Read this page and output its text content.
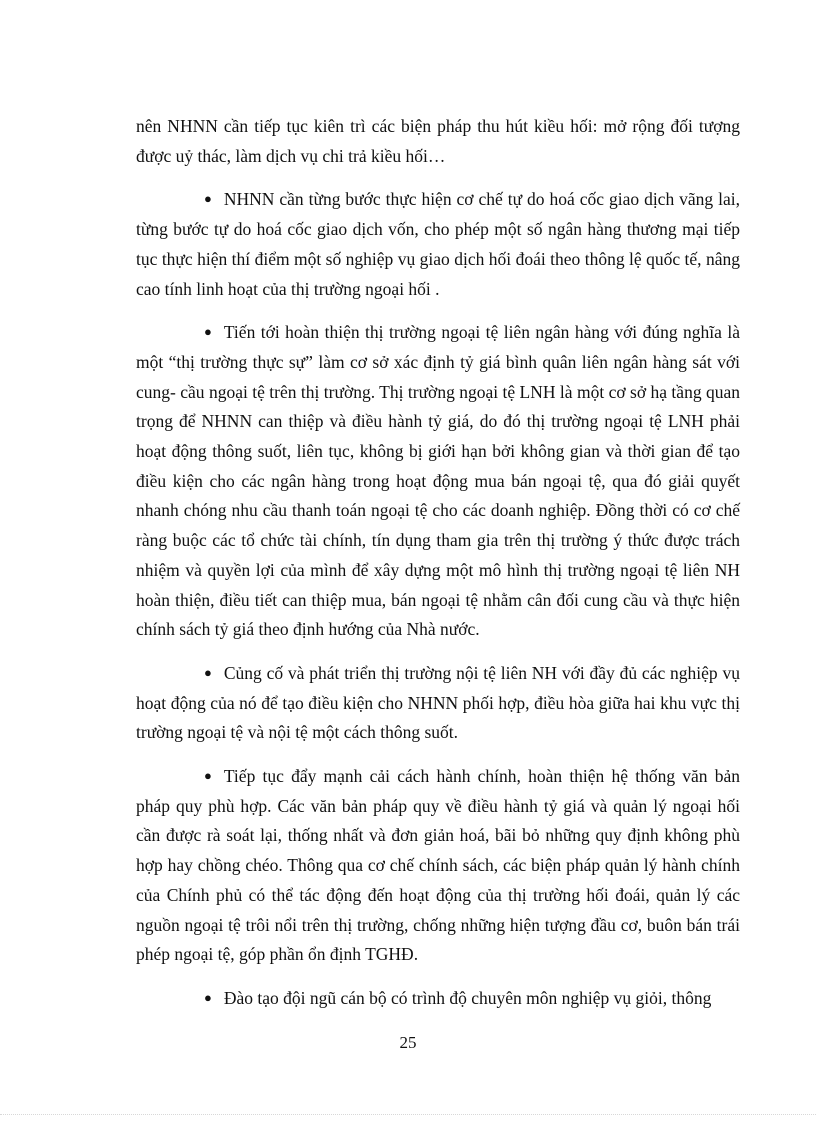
nên NHNN cần tiếp tục kiên trì các biện pháp thu hút kiều hối: mở rộng đối tượng được uỷ thác, làm dịch vụ chi trả kiều hối…

● NHNN cần từng bước thực hiện cơ chế tự do hoá cốc giao dịch vãng lai, từng bước tự do hoá cốc giao dịch vốn, cho phép một số ngân hàng thương mại tiếp tục thực hiện thí điểm một số nghiệp vụ giao dịch hối đoái theo thông lệ quốc tế, nâng cao tính linh hoạt của thị trường ngoại hối .

● Tiến tới hoàn thiện thị trường ngoại tệ liên ngân hàng với đúng nghĩa là một “thị trường thực sự” làm cơ sở xác định tỷ giá bình quân liên ngân hàng sát với cung- cầu ngoại tệ trên thị trường. Thị trường ngoại tệ LNH là một cơ sở hạ tầng quan trọng để NHNN can thiệp và điều hành tỷ giá, do đó thị trường ngoại tệ LNH phải hoạt động thông suốt, liên tục, không bị giới hạn bởi không gian và thời gian để tạo điều kiện cho các ngân hàng trong hoạt động mua bán ngoại tệ, qua đó giải quyết nhanh chóng nhu cầu thanh toán ngoại tệ cho các doanh nghiệp. Đồng thời có cơ chế ràng buộc các tổ chức tài chính, tín dụng tham gia trên thị trường ý thức được trách nhiệm và quyền lợi của mình để xây dựng một mô hình thị trường ngoại tệ liên NH hoàn thiện, điều tiết can thiệp mua, bán ngoại tệ nhằm cân đối cung cầu và thực hiện chính sách tỷ giá theo định hướng của Nhà nước.

● Củng cố và phát triển thị trường nội tệ liên NH với đầy đủ các nghiệp vụ hoạt động của nó để tạo điều kiện cho NHNN phối hợp, điều hòa giữa hai khu vực thị trường ngoại tệ và nội tệ một cách thông suốt.

● Tiếp tục đẩy mạnh cải cách hành chính, hoàn thiện hệ thống văn bản pháp quy phù hợp. Các văn bản pháp quy về điều hành tỷ giá và quản lý ngoại hối cần được rà soát lại, thống nhất và đơn giản hoá, bãi bỏ những quy định không phù hợp hay chồng chéo. Thông qua cơ chế chính sách, các biện pháp quản lý hành chính của Chính phủ có thể tác động đến hoạt động của thị trường hối đoái, quản lý các nguồn ngoại tệ trôi nổi trên thị trường, chống những hiện tượng đầu cơ, buôn bán trái phép ngoại tệ, góp phần ổn định TGHĐ.

● Đào tạo đội ngũ cán bộ có trình độ chuyên môn nghiệp vụ giỏi, thông

25
